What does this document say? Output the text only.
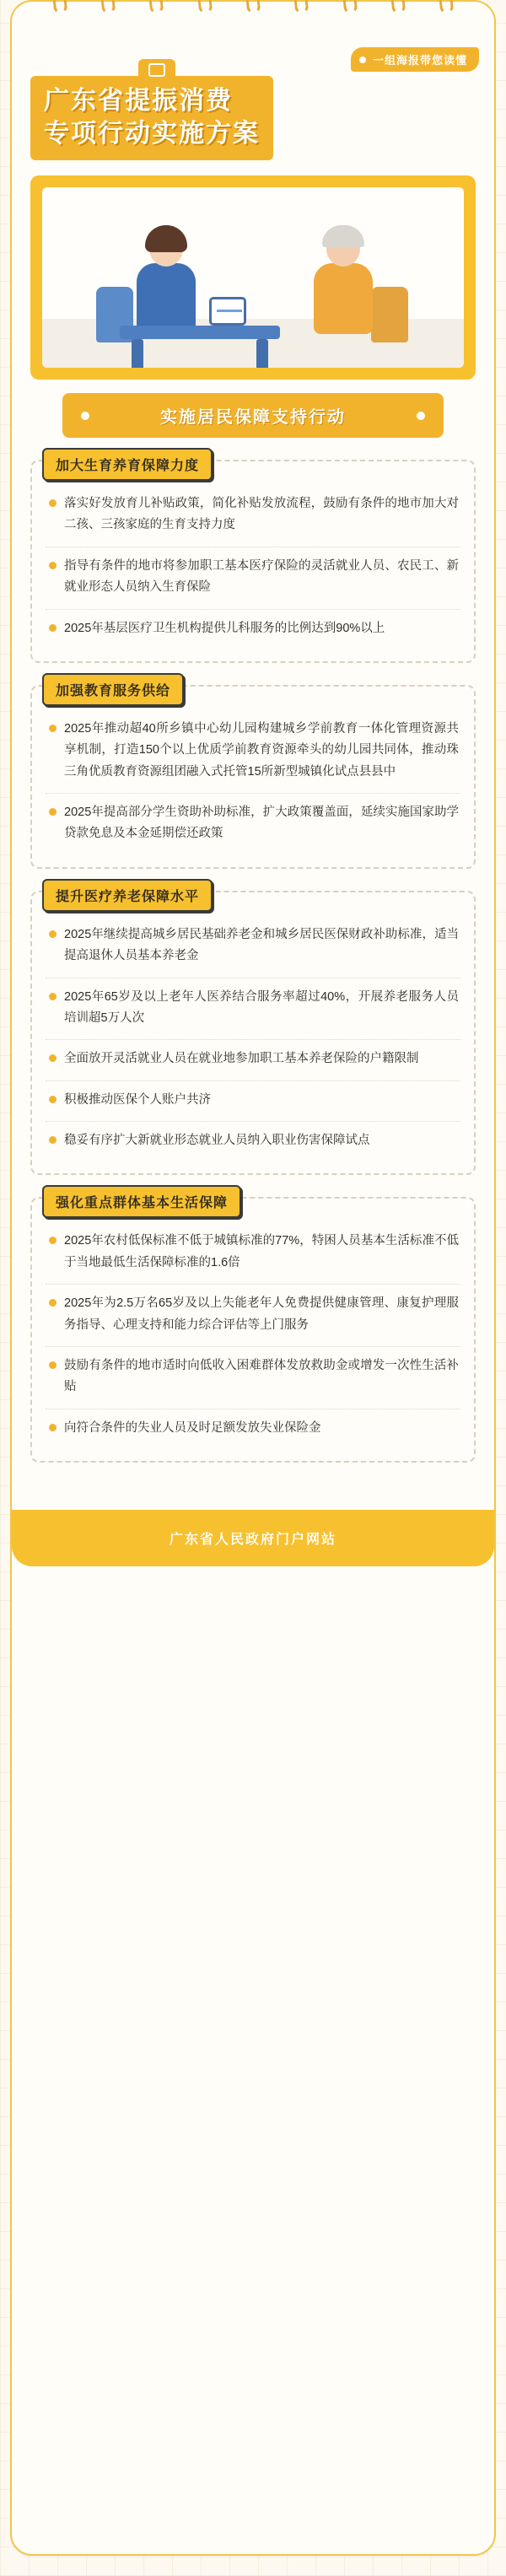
一组海报带您读懂
广东省提振消费
专项行动实施方案
实施居民保障支持行动
加大生育养育保障力度
落实好发放育儿补贴政策，简化补贴发放流程，鼓励有条件的地市加大对二孩、三孩家庭的生育支持力度
指导有条件的地市将参加职工基本医疗保险的灵活就业人员、农民工、新就业形态人员纳入生育保险
2025年基层医疗卫生机构提供儿科服务的比例达到90%以上
加强教育服务供给
2025年推动超40所乡镇中心幼儿园构建城乡学前教育一体化管理资源共享机制，打造150个以上优质学前教育资源牵头的幼儿园共同体，推动珠三角优质教育资源组团融入式托管15所新型城镇化试点县县中
2025年提高部分学生资助补助标准，扩大政策覆盖面，延续实施国家助学贷款免息及本金延期偿还政策
提升医疗养老保障水平
2025年继续提高城乡居民基础养老金和城乡居民医保财政补助标准，适当提高退休人员基本养老金
2025年65岁及以上老年人医养结合服务率超过40%，开展养老服务人员培训超5万人次
全面放开灵活就业人员在就业地参加职工基本养老保险的户籍限制
积极推动医保个人账户共济
稳妥有序扩大新就业形态就业人员纳入职业伤害保障试点
强化重点群体基本生活保障
2025年农村低保标准不低于城镇标准的77%，特困人员基本生活标准不低于当地最低生活保障标准的1.6倍
2025年为2.5万名65岁及以上失能老年人免费提供健康管理、康复护理服务指导、心理支持和能力综合评估等上门服务
鼓励有条件的地市适时向低收入困难群体发放救助金或增发一次性生活补贴
向符合条件的失业人员及时足额发放失业保险金
广东省人民政府门户网站
